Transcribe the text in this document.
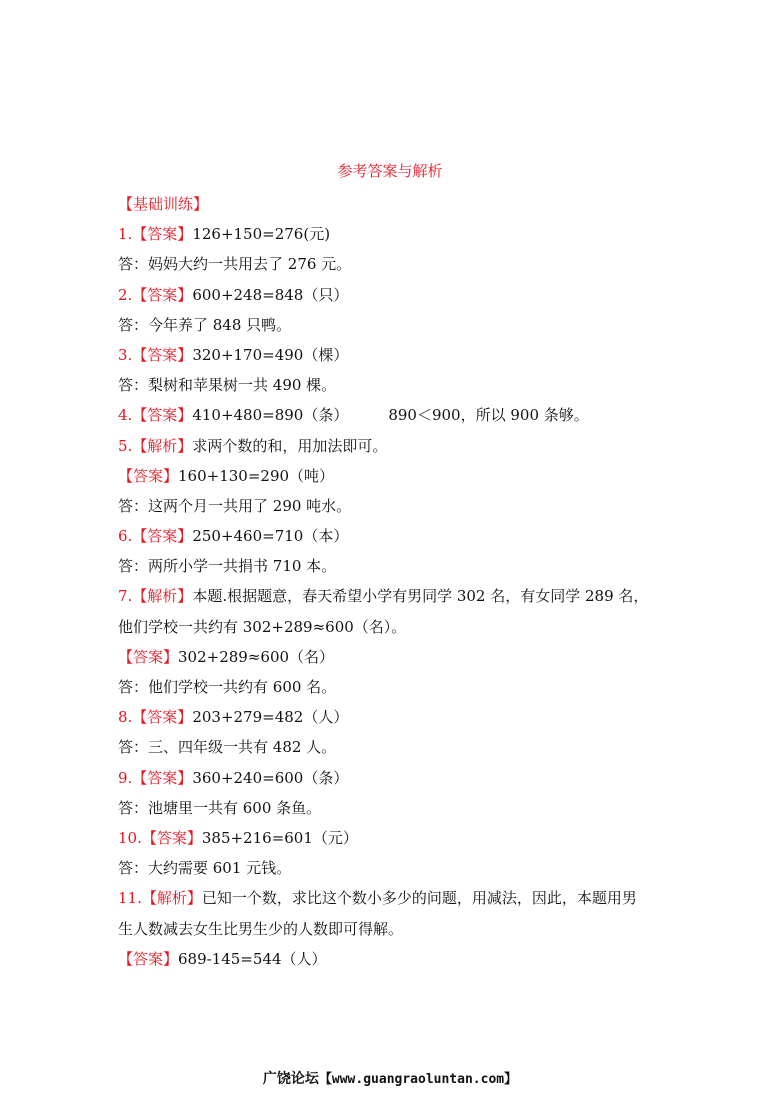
参考答案与解析
【基础训练】
1.【答案】126+150=276(元)
答：妈妈大约一共用去了 276 元。
2.【答案】600+248=848（只）
答：今年养了 848 只鸭。
3.【答案】320+170=490（棵）
答：梨树和苹果树一共 490 棵。
4.【答案】410+480=890（条）	890＜900，所以 900 条够。
5.【解析】求两个数的和，用加法即可。
【答案】160+130=290（吨）
答：这两个月一共用了 290 吨水。
6.【答案】250+460=710（本）
答：两所小学一共捐书 710 本。
7.【解析】本题.根据题意，春天希望小学有男同学 302 名，有女同学 289 名，
他们学校一共约有 302+289≈600（名）。
【答案】302+289≈600（名）
答：他们学校一共约有 600 名。
8.【答案】203+279=482（人）
答：三、四年级一共有 482 人。
9.【答案】360+240=600（条）
答：池塘里一共有 600 条鱼。
10.【答案】385+216=601（元）
答：大约需要 601 元钱。
11.【解析】已知一个数，求比这个数小多少的问题，用减法，因此，本题用男
生人数减去女生比男生少的人数即可得解。
【答案】689-145=544（人）
广饶论坛【www.guangraoluntan.com】
